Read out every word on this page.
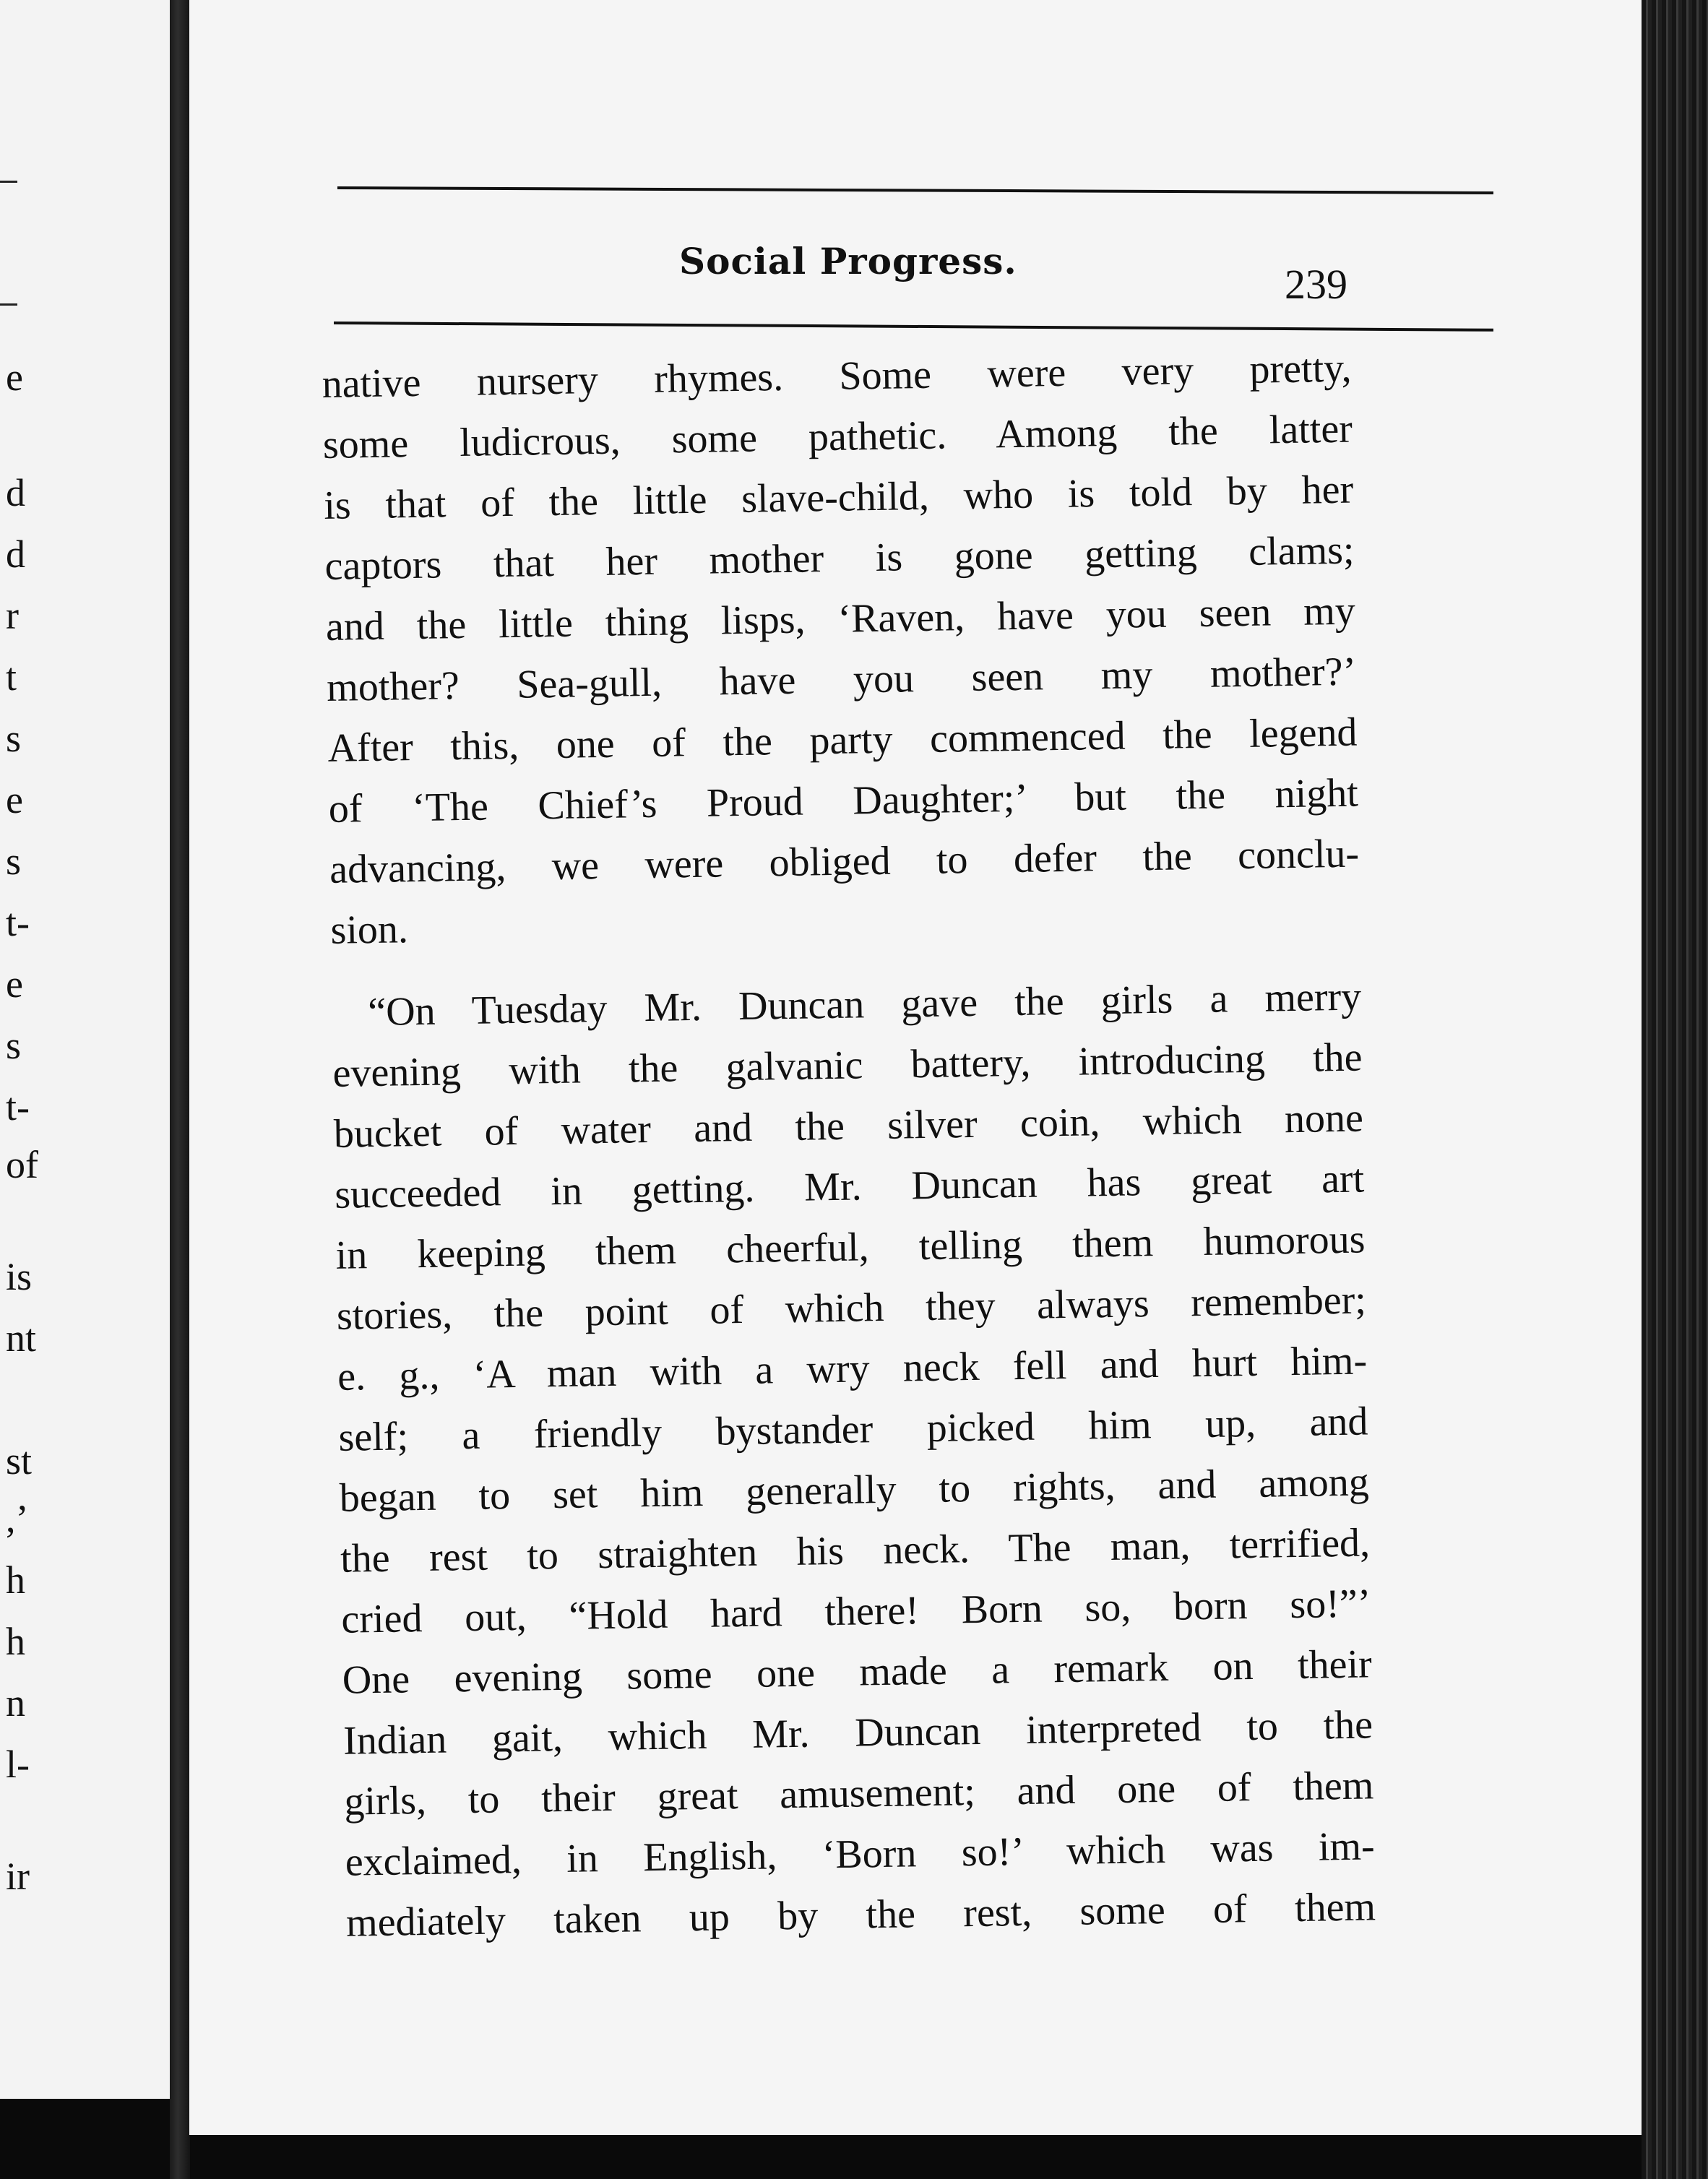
e
d
d
r
t
s
e
s
t-
e
s
t-
of
is
nt
st
,’
h
h
n
l-
ir
Social Progress.	239
native nursery rhymes. Some were very pretty,
some ludicrous, some pathetic. Among the latter
is that of the little slave-child, who is told by her
captors that her mother is gone getting clams;
and the little thing lisps, ‘Raven, have you seen my
mother? Sea-gull, have you seen my mother?’
After this, one of the party commenced the legend
of ‘The Chief’s Proud Daughter;’ but the night
advancing, we were obliged to defer the conclu-
sion.
“On Tuesday Mr. Duncan gave the girls a merry
evening with the galvanic battery, introducing the
bucket of water and the silver coin, which none
succeeded in getting. Mr. Duncan has great art
in keeping them cheerful, telling them humorous
stories, the point of which they always remember;
e. g., ‘A man with a wry neck fell and hurt him-
self; a friendly bystander picked him up, and
began to set him generally to rights, and among
the rest to straighten his neck. The man, terrified,
cried out, “Hold hard there! Born so, born so!”’
One evening some one made a remark on their
Indian gait, which Mr. Duncan interpreted to the
girls, to their great amusement; and one of them
exclaimed, in English, ‘Born so!’ which was im-
mediately taken up by the rest, some of them
